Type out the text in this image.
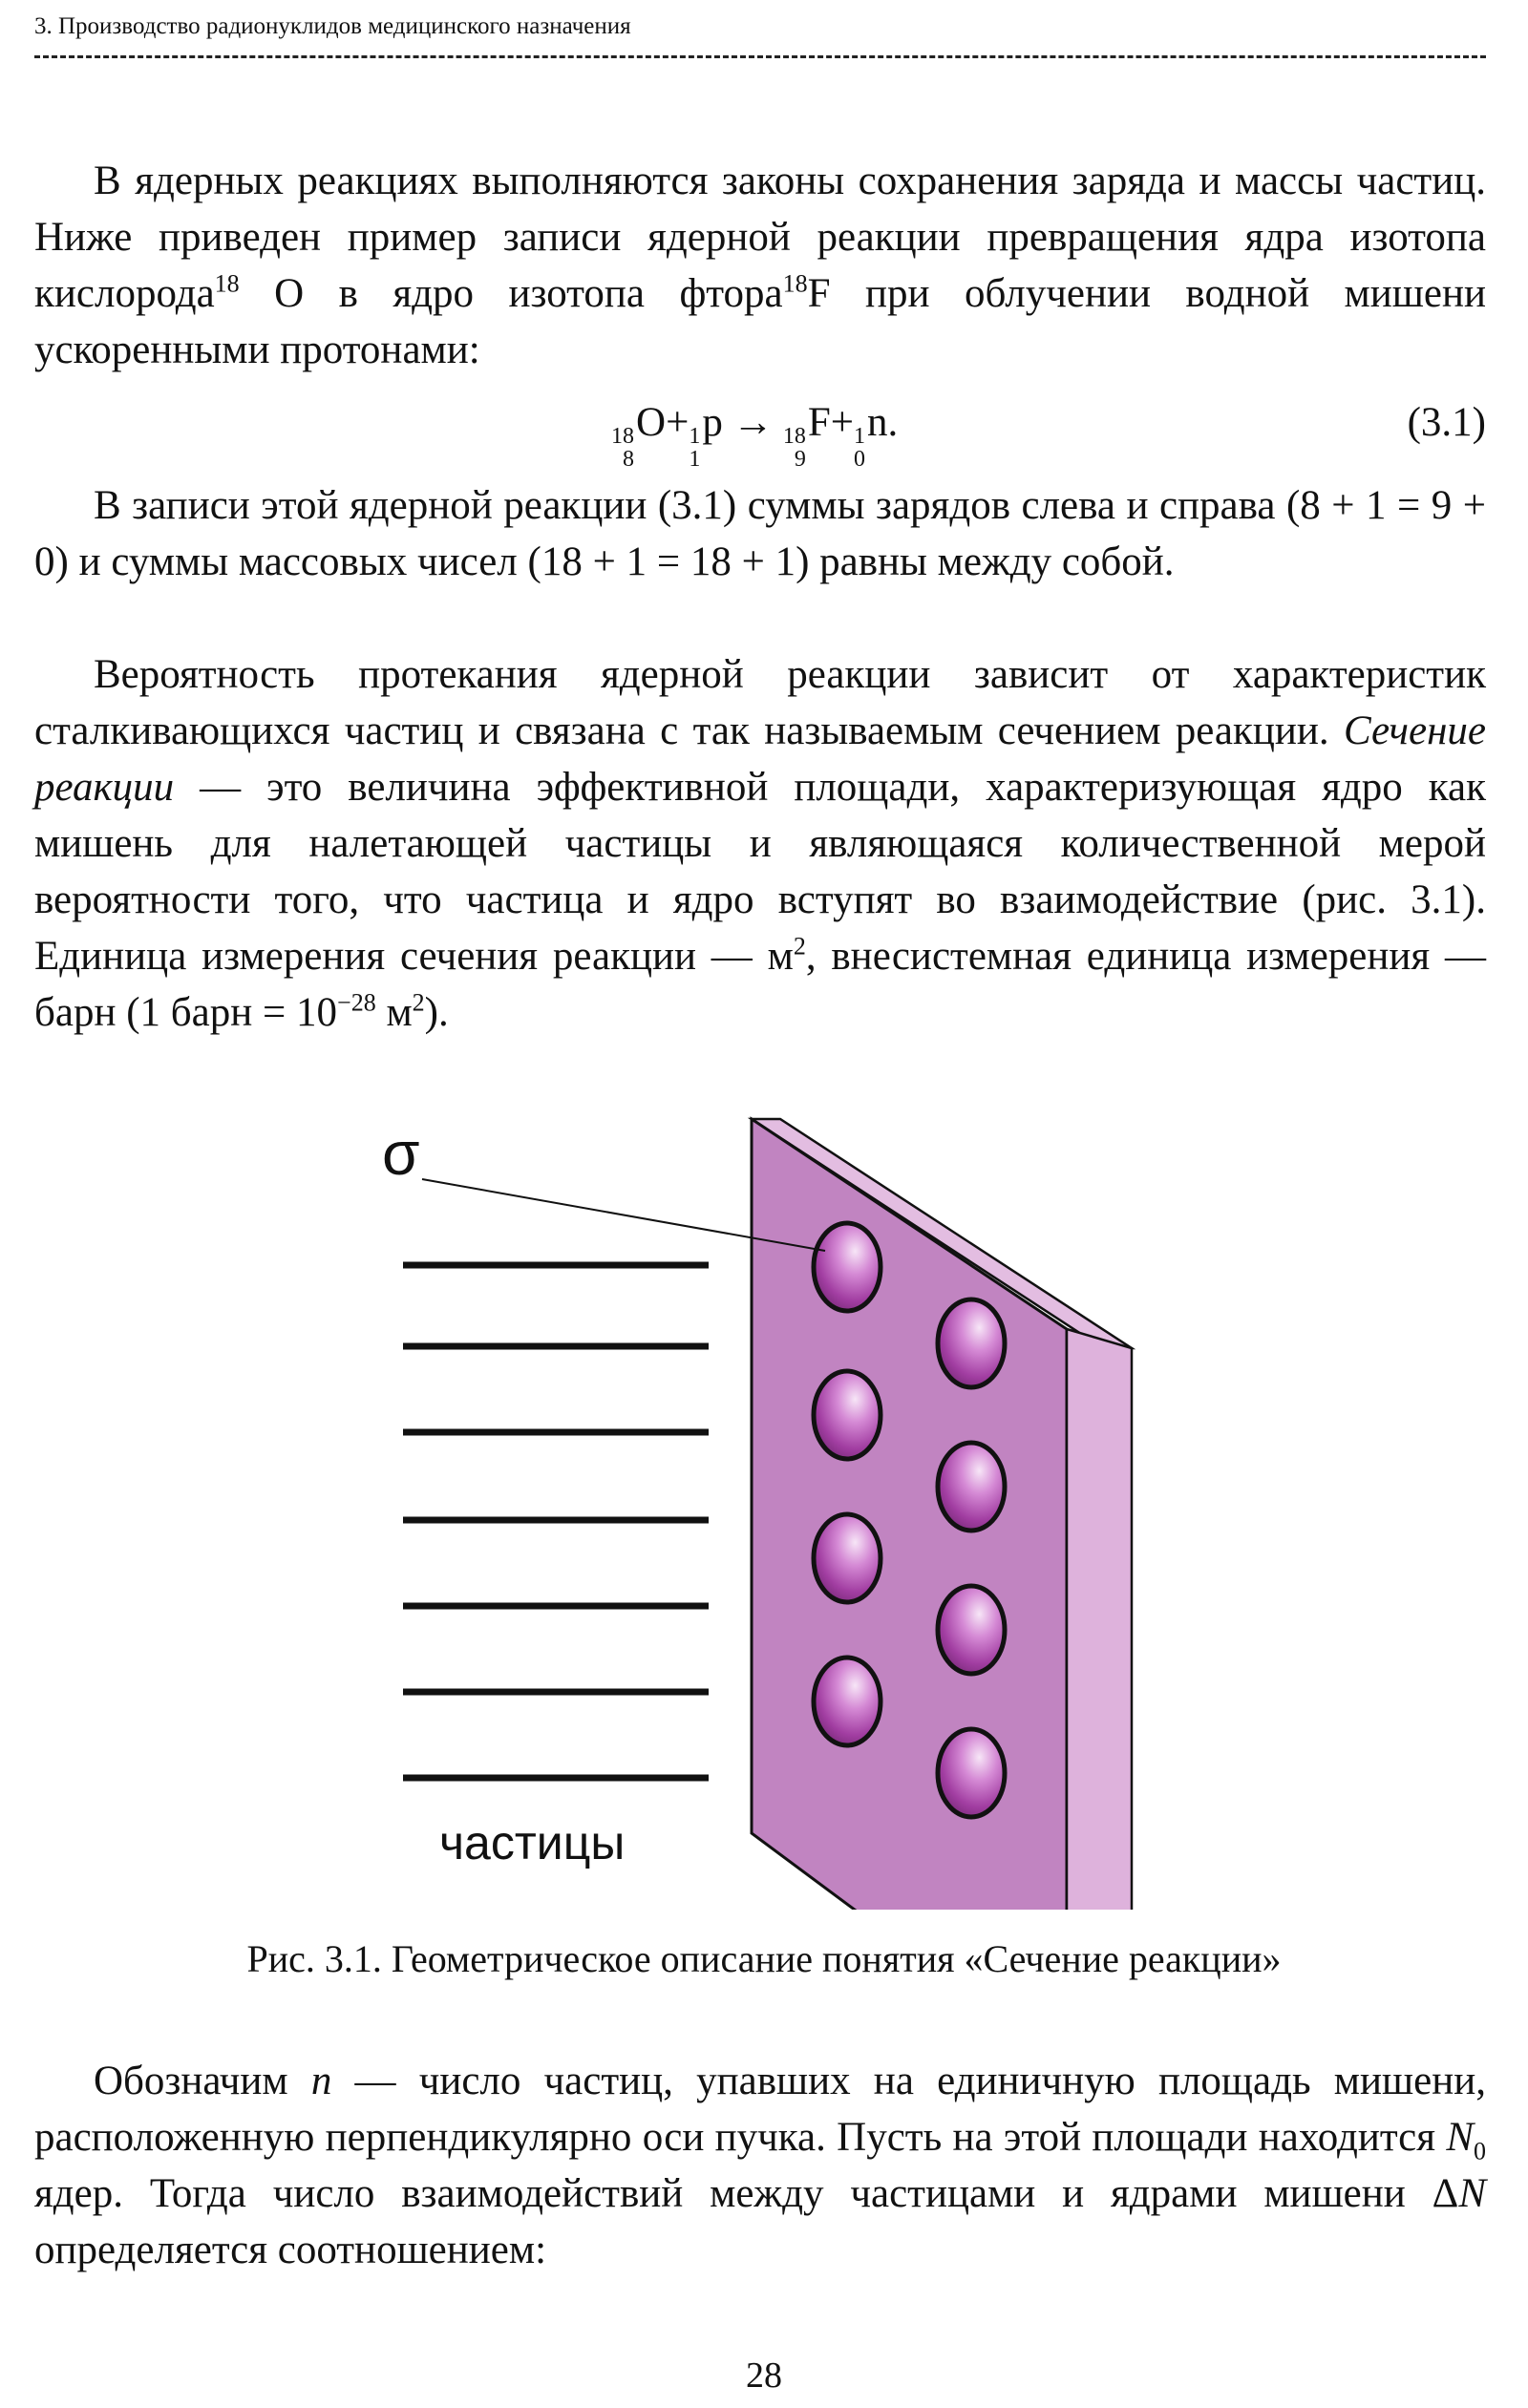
3. Производство радионуклидов медицинского назначения

В ядерных реакциях выполняются законы сохранения заряда и массы частиц. Ниже приведен пример записи ядерной реакции превращения ядра изотопа кислорода$^{18}$ O в ядро изотопа фтора$^{18}$F при облучении водной мишени ускоренными протонами:

18
8
O+ 1
1
p → 18
9
F+ 1
0
n.	(3.1)

В записи этой ядерной реакции (3.1) суммы зарядов слева и справа (8 + 1 = 9 + 0) и суммы массовых чисел (18 + 1 = 18 + 1) равны между собой.

Вероятность протекания ядерной реакции зависит от характеристик сталкивающихся частиц и связана с так называемым сечением реакции. Сечение реакции — это величина эффективной площади, характеризующая ядро как мишень для налетающей частицы и являющаяся количественной мерой вероятности того, что частица и ядро вступят во взаимодействие (рис. 3.1). Единица измерения сечения реакции — $м^2$, внесистемная единица измерения — барн (1 барн = $10^{-28}$ $м^2$).

σ
частицы
Рис. 3.1. Геометрическое описание понятия «Сечение реакции»

Обозначим n — число частиц, упавших на единичную площадь мишени, расположенную перпендикулярно оси пучка. Пусть на этой площади находится $N_0$ ядер. Тогда число взаимодействий между частицами и ядрами мишени ΔN определяется соотношением:

28
